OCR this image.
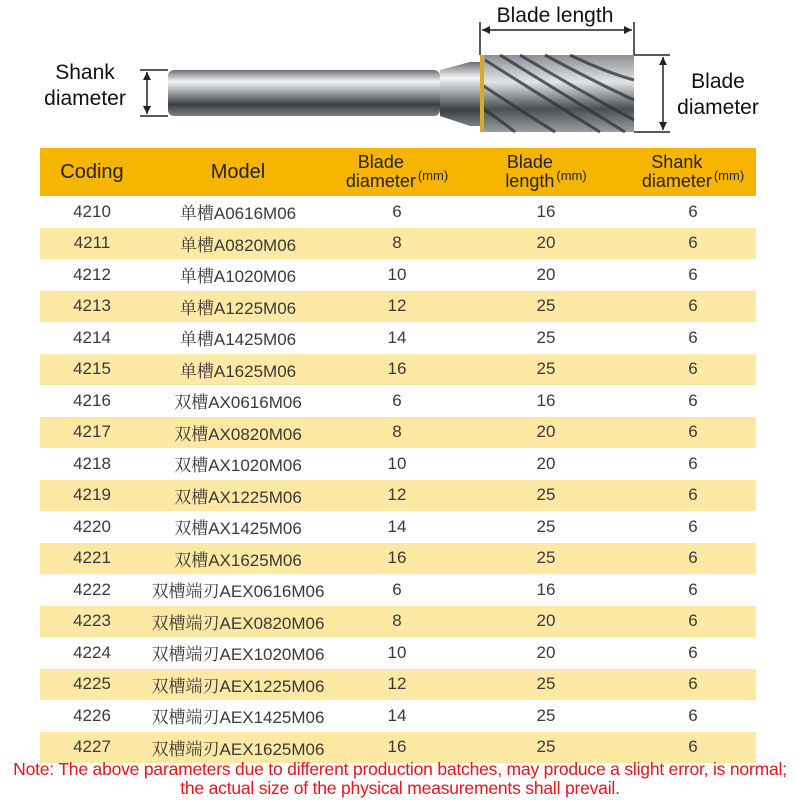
Shank
diameter
Blade length
Blade
diameter
Coding	Model	Blade
diameter (mm)
Blade
length (mm)
Shank
diameter (mm)
4210	单槽A0616M06	6	16	6
4211	单槽A0820M06	8	20	6
4212	单槽A1020M06	10	20	6
4213	单槽A1225M06	12	25	6
4214	单槽A1425M06	14	25	6
4215	单槽A1625M06	16	25	6
4216	双槽AX0616M06	6	16	6
4217	双槽AX0820M06	8	20	6
4218	双槽AX1020M06	10	20	6
4219	双槽AX1225M06	12	25	6
4220	双槽AX1425M06	14	25	6
4221	双槽AX1625M06	16	25	6
4222	双槽端刃AEX0616M06	6	16	6
4223	双槽端刃AEX0820M06	8	20	6
4224	双槽端刃AEX1020M06	10	20	6
4225	双槽端刃AEX1225M06	12	25	6
4226	双槽端刃AEX1425M06	14	25	6
4227	双槽端刃AEX1625M06	16	25	6
Note: The above parameters due to different production batches, may produce a slight error, is normal; the actual size of the physical measurements shall prevail.
